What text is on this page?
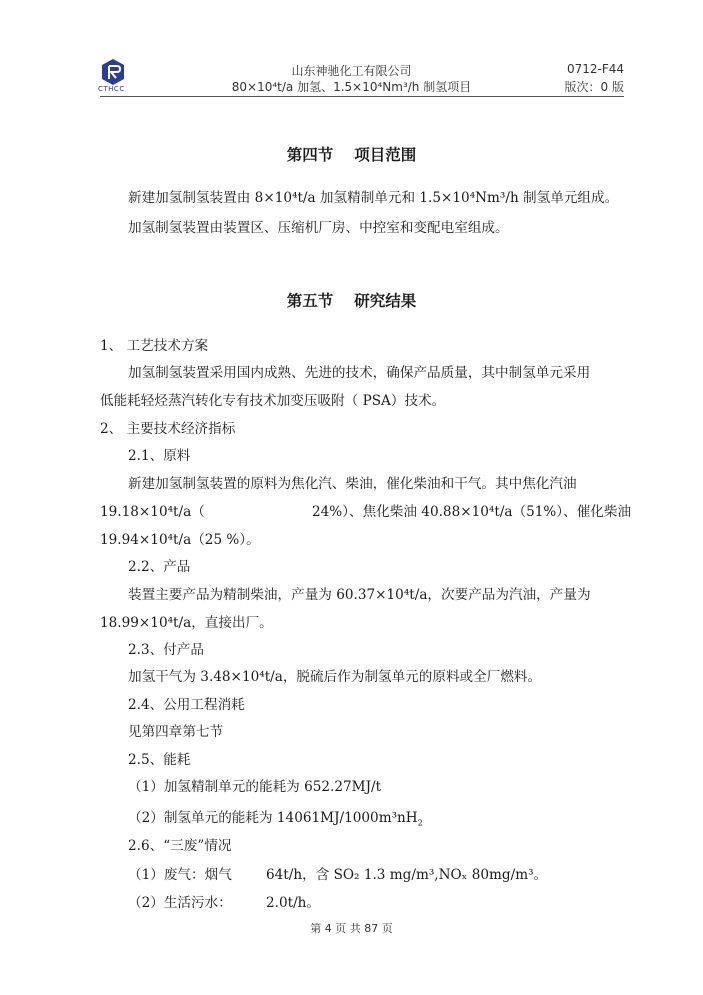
CTHCC
山东神驰化工有限公司
80×10⁴t/a 加氢、1.5×10⁴Nm³/h 制氢项目
0712-F44
版次：0 版
第四节　 项目范围
新建加氢制氢装置由 8×10⁴t/a 加氢精制单元和 1.5×10⁴Nm³/h 制氢单元组成。
加氢制氢装置由装置区、压缩机厂房、中控室和变配电室组成。
第五节　 研究结果
1、 工艺技术方案
加氢制氢装置采用国内成熟、先进的技术，确保产品质量，其中制氢单元采用
低能耗轻烃蒸汽转化专有技术加变压吸附（ PSA）技术。
2、 主要技术经济指标
2.1、原料
新建加氢制氢装置的原料为焦化汽、柴油，催化柴油和干气。其中焦化汽油
19.18×10⁴t/a（	24%）、焦化柴油 40.88×10⁴t/a（51%）、催化柴油
19.94×10⁴t/a（25 %）。
2.2、产品
装置主要产品为精制柴油，产量为 60.37×10⁴t/a，次要产品为汽油，产量为
18.99×10⁴t/a，直接出厂。
2.3、付产品
加氢干气为 3.48×10⁴t/a，脱硫后作为制氢单元的原料或全厂燃料。
2.4、公用工程消耗
见第四章第七节
2.5、能耗
（1）加氢精制单元的能耗为 652.27MJ/t
（2）制氢单元的能耗为 $14061MJ/1000m^3nH_2$
2.6、“三废”情况
（1）废气：烟气	64t/h，含 SO₂ 1.3 mg/m³,NOₓ 80mg/m³。
（2）生活污水：	2.0t/h。
第 4 页 共 87 页
